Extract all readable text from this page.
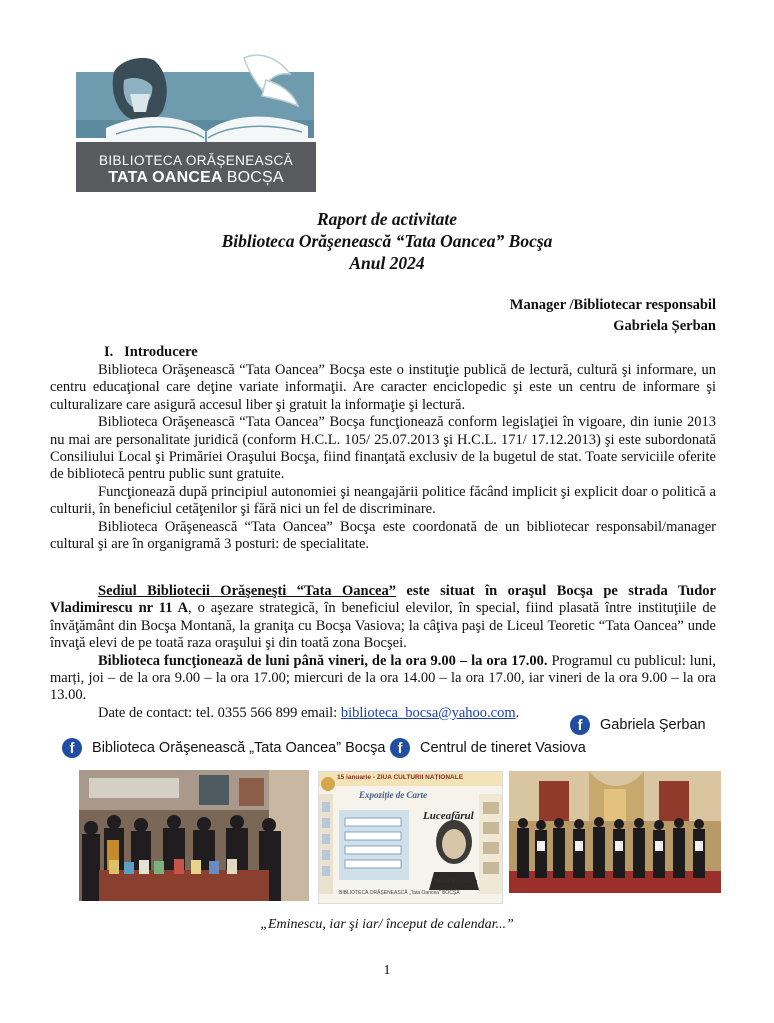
BIBLIOTECA ORĂȘENEASCĂ
TATA OANCEA BOCȘA
Raport de activitate
Biblioteca Orăşenească “Tata Oancea” Bocşa
Anul 2024
Manager /Bibliotecar responsabil
Gabriela Șerban
I.   Introducere

Biblioteca Orăşenească “Tata Oancea” Bocşa este o instituţie publică de lectură, cultură şi informare, un centru educaţional care deţine variate informaţii. Are caracter enciclopedic şi este un centru de informare şi culturalizare care asigură accesul liber şi gratuit la informaţie şi lectură.

Biblioteca Orăşenească “Tata Oancea” Bocşa funcţionează conform legislaţiei în vigoare, din iunie 2013 nu mai are personalitate juridică (conform H.C.L. 105/ 25.07.2013 şi H.C.L. 171/ 17.12.2013) şi este subordonată Consiliului Local şi Primăriei Oraşului Bocşa, fiind finanţată exclusiv de la bugetul de stat. Toate serviciile oferite de bibliotecă pentru public sunt gratuite.

Funcţionează după principiul autonomiei şi neangajării politice făcând implicit şi explicit doar o politică a culturii, în beneficiul cetăţenilor şi fără nici un fel de discriminare.

Biblioteca Orăşenească “Tata Oancea” Bocşa este coordonată de un bibliotecar responsabil/manager cultural şi are în organigramă 3 posturi: de specialitate.

Sediul Bibliotecii Orăşeneşti “Tata Oancea” este situat în oraşul Bocşa pe strada Tudor Vladimirescu nr 11 A, o aşezare strategică, în beneficiul elevilor, în special, fiind plasată între instituţiile de învăţământ din Bocşa Montană, la graniţa cu Bocşa Vasiova; la câţiva paşi de Liceul Teoretic “Tata Oancea” unde învaţă elevi de pe toată raza oraşului şi din toată zona Bocşei.

Biblioteca funcţionează de luni până vineri, de la ora 9.00 – la ora 17.00. Programul cu publicul: luni, marți, joi – de la ora 9.00 – la ora 17.00; miercuri de la ora 14.00 – la ora 17.00, iar vineri de la ora 9.00 – la ora 13.00.

Date de contact: tel. 0355 566 899 email: biblioteca_bocsa@yahoo.com.

f Gabriela Şerban
f Biblioteca Orăşenească „Tata Oancea” Bocşa f Centrul de tineret Vasiova
15 ianuarie - ZIUA CULTURII NAȚIONALE
Expoziție de Carte
Luceafărul
Mihai Eminescu
BIBLIOTECA ORĂȘENEASCĂ „Tata Oancea” BOCȘA
„Eminescu, iar şi iar/ început de calendar...”
1
